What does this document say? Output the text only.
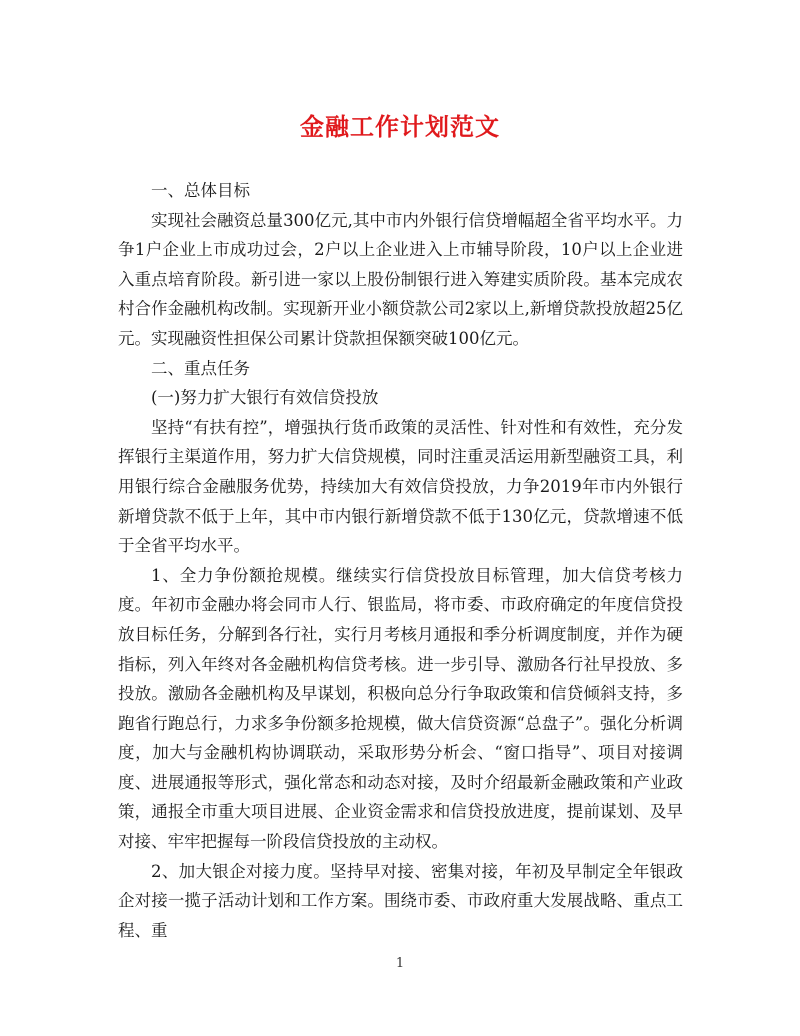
金融工作计划范文

一、总体目标

实现社会融资总量300亿元,其中市内外银行信贷增幅超全省平均水平。力争1户企业上市成功过会，2户以上企业进入上市辅导阶段，10户以上企业进入重点培育阶段。新引进一家以上股份制银行进入筹建实质阶段。基本完成农村合作金融机构改制。实现新开业小额贷款公司2家以上,新增贷款投放超25亿元。实现融资性担保公司累计贷款担保额突破100亿元。

二、重点任务

(一)努力扩大银行有效信贷投放

坚持“有扶有控”，增强执行货币政策的灵活性、针对性和有效性，充分发挥银行主渠道作用，努力扩大信贷规模，同时注重灵活运用新型融资工具，利用银行综合金融服务优势，持续加大有效信贷投放，力争2019年市内外银行新增贷款不低于上年，其中市内银行新增贷款不低于130亿元，贷款增速不低于全省平均水平。

1、全力争份额抢规模。继续实行信贷投放目标管理，加大信贷考核力度。年初市金融办将会同市人行、银监局，将市委、市政府确定的年度信贷投放目标任务，分解到各行社，实行月考核月通报和季分析调度制度，并作为硬指标，列入年终对各金融机构信贷考核。进一步引导、激励各行社早投放、多投放。激励各金融机构及早谋划，积极向总分行争取政策和信贷倾斜支持，多跑省行跑总行，力求多争份额多抢规模，做大信贷资源“总盘子”。强化分析调度，加大与金融机构协调联动，采取形势分析会、“窗口指导”、项目对接调度、进展通报等形式，强化常态和动态对接，及时介绍最新金融政策和产业政策，通报全市重大项目进展、企业资金需求和信贷投放进度，提前谋划、及早对接、牢牢把握每一阶段信贷投放的主动权。

2、加大银企对接力度。坚持早对接、密集对接，年初及早制定全年银政企对接一揽子活动计划和工作方案。围绕市委、市政府重大发展战略、重点工程、重

1
